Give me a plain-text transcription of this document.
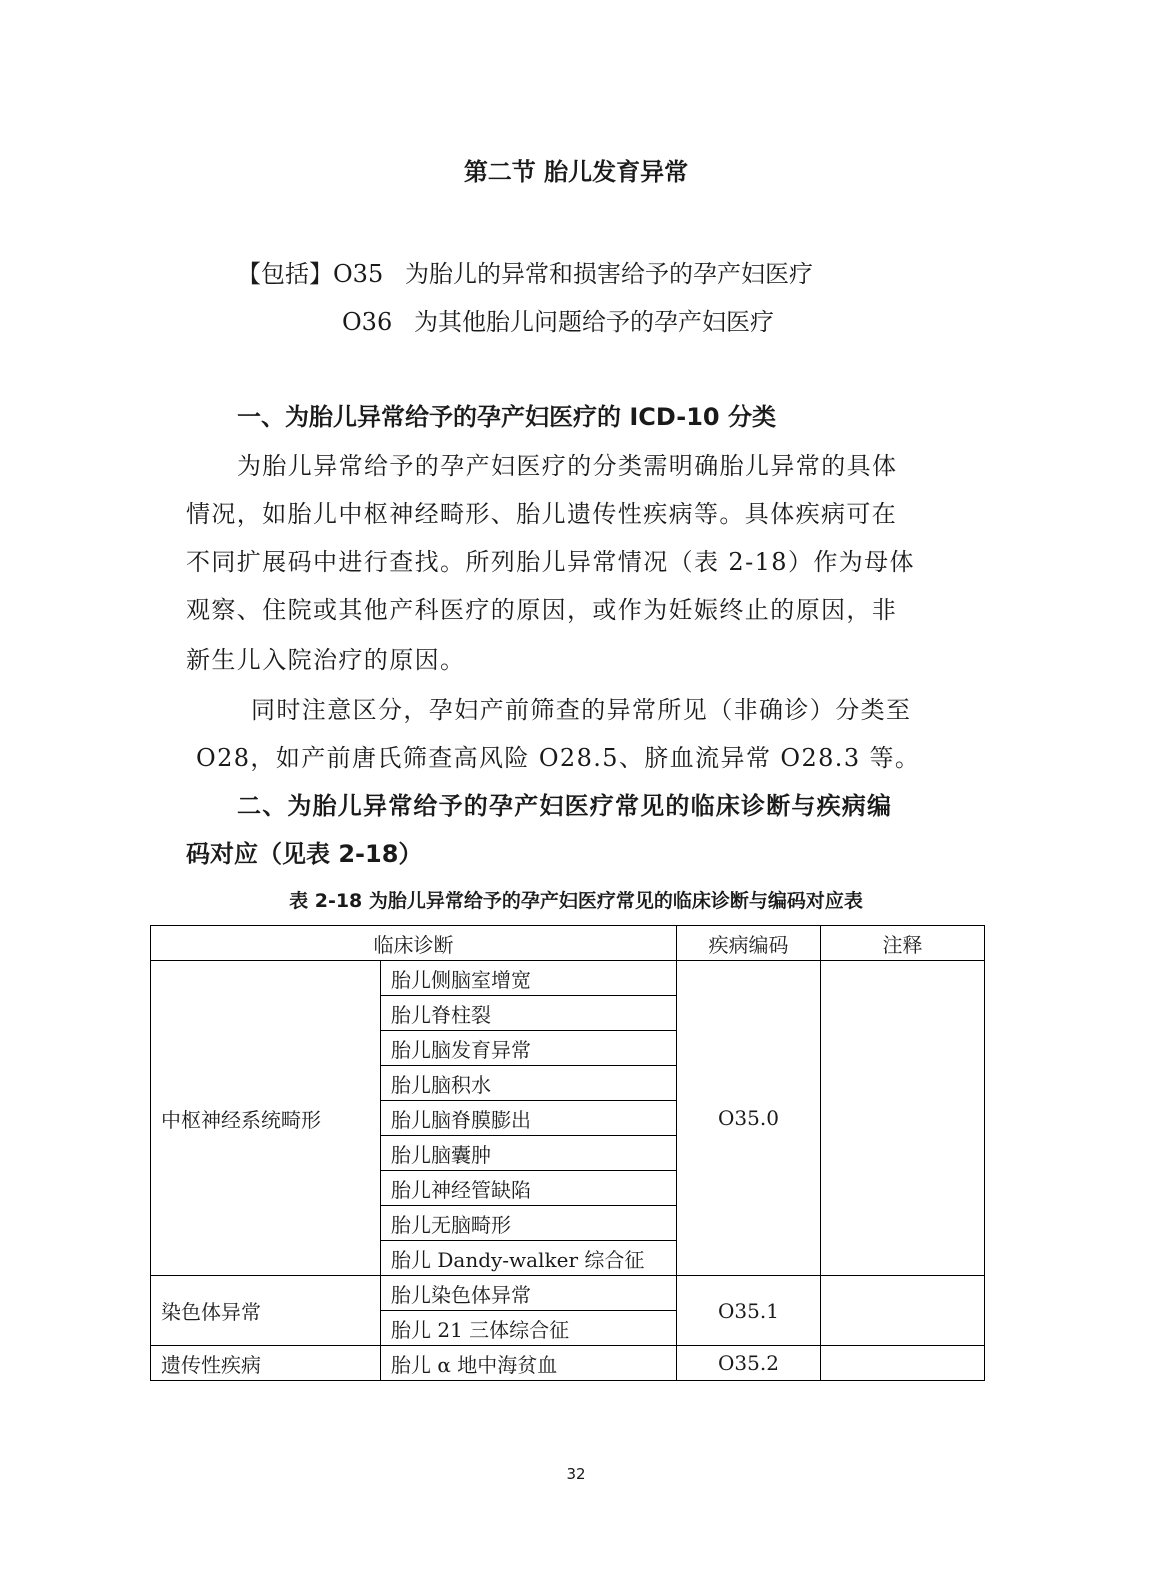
第二节 胎儿发育异常
【包括】O35 为胎儿的异常和损害给予的孕产妇医疗
O36 为其他胎儿问题给予的孕产妇医疗
一、为胎儿异常给予的孕产妇医疗的 ICD-10 分类
为胎儿异常给予的孕产妇医疗的分类需明确胎儿异常的具体
情况，如胎儿中枢神经畸形、胎儿遗传性疾病等。具体疾病可在
不同扩展码中进行查找。所列胎儿异常情况（表 2-18）作为母体
观察、住院或其他产科医疗的原因，或作为妊娠终止的原因，非
新生儿入院治疗的原因。
同时注意区分，孕妇产前筛查的异常所见（非确诊）分类至
O28，如产前唐氏筛查高风险 O28.5、脐血流异常 O28.3 等。
二、为胎儿异常给予的孕产妇医疗常见的临床诊断与疾病编
码对应（见表 2-18）
表 2-18 为胎儿异常给予的孕产妇医疗常见的临床诊断与编码对应表
临床诊断		疾病编码	注释
中枢神经系统畸形	胎儿侧脑室增宽	O35.0	
	胎儿脊柱裂		
	胎儿脑发育异常		
	胎儿脑积水		
	胎儿脑脊膜膨出		
	胎儿脑囊肿		
	胎儿神经管缺陷		
	胎儿无脑畸形		
	胎儿 Dandy-walker 综合征		
染色体异常	胎儿染色体异常	O35.1	
	胎儿 21 三体综合征		
遗传性疾病	胎儿 α 地中海贫血	O35.2	
32
